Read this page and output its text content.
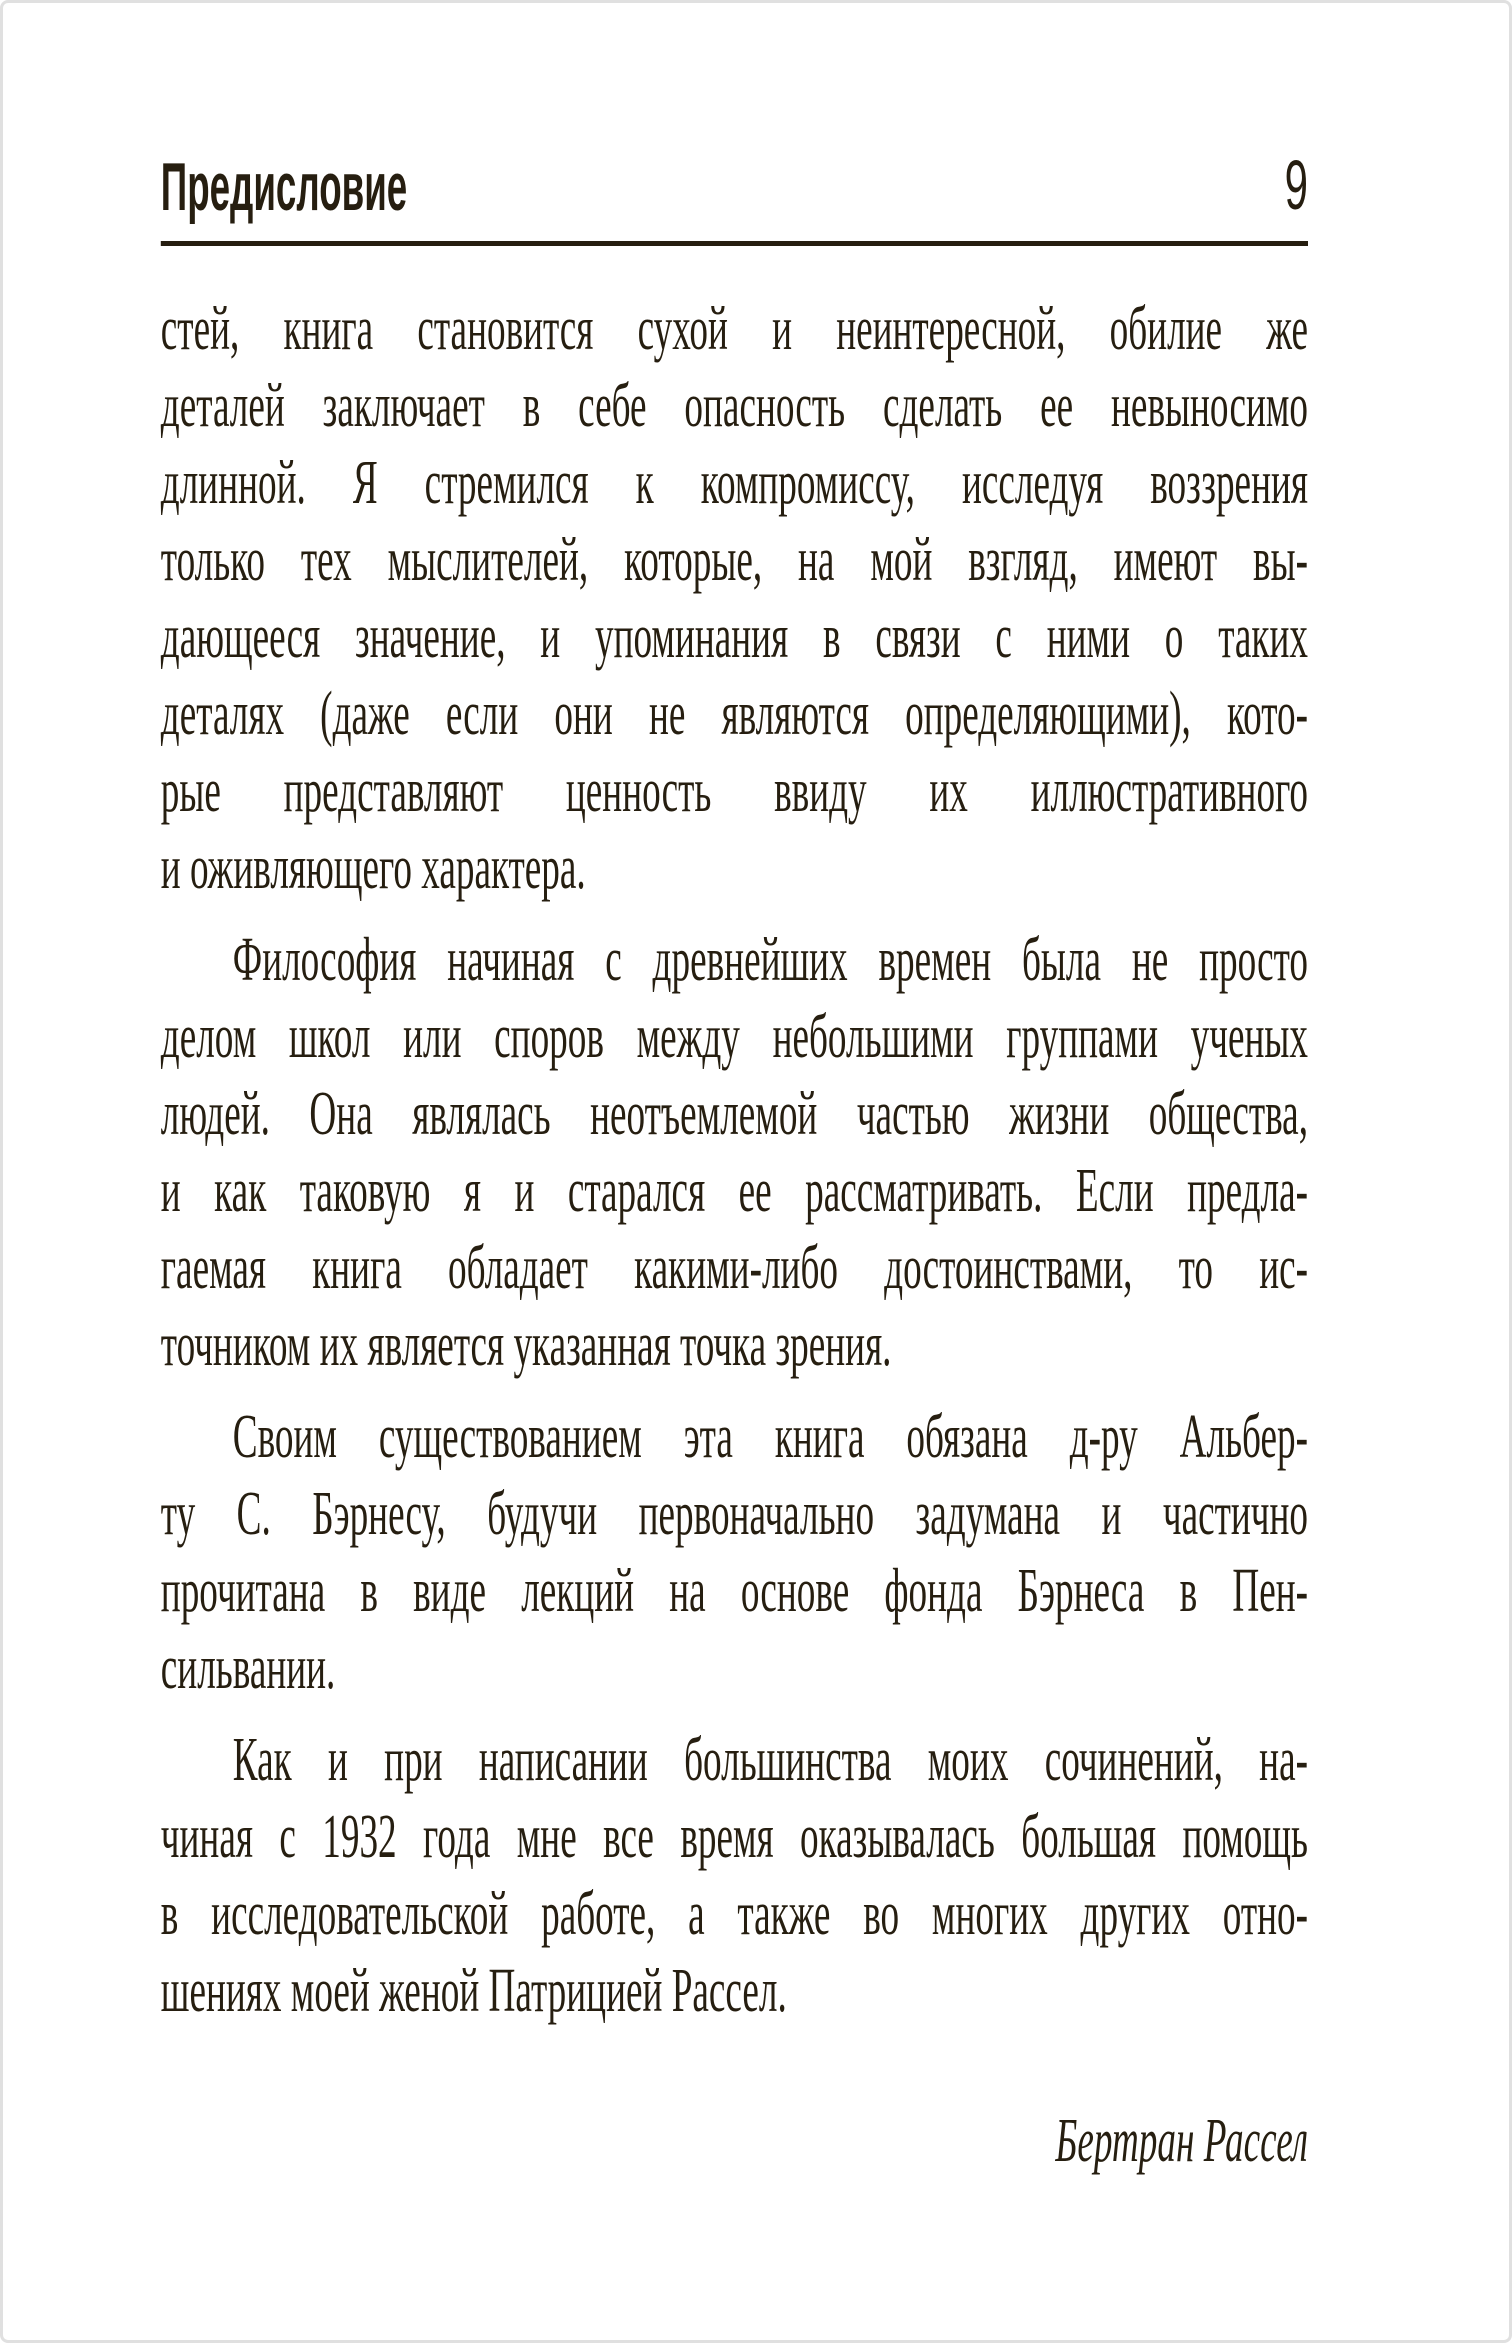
Предисловие	9
стей, книга становится сухой и неинтересной, обилие же
деталей заключает в себе опасность сделать ее невыносимо
длинной. Я стремился к компромиссу, исследуя воззрения
только тех мыслителей, которые, на мой взгляд, имеют вы-
дающееся значение, и упоминания в связи с ними о таких
деталях (даже если они не являются определяющими), кото-
рые представляют ценность ввиду их иллюстративного
и оживляющего характера.
Философия начиная с древнейших времен была не просто
делом школ или споров между небольшими группами ученых
людей. Она являлась неотъемлемой частью жизни общества,
и как таковую я и старался ее рассматривать. Если предла-
гаемая книга обладает какими-либо достоинствами, то ис-
точником их является указанная точка зрения.
Своим существованием эта книга обязана д-ру Альбер-
ту С. Бэрнесу, будучи первоначально задумана и частично
прочитана в виде лекций на основе фонда Бэрнеса в Пен-
сильвании.
Как и при написании большинства моих сочинений, на-
чиная с 1932 года мне все время оказывалась большая помощь
в исследовательской работе, а также во многих других отно-
шениях моей женой Патрицией Рассел.
Бертран Рассел
